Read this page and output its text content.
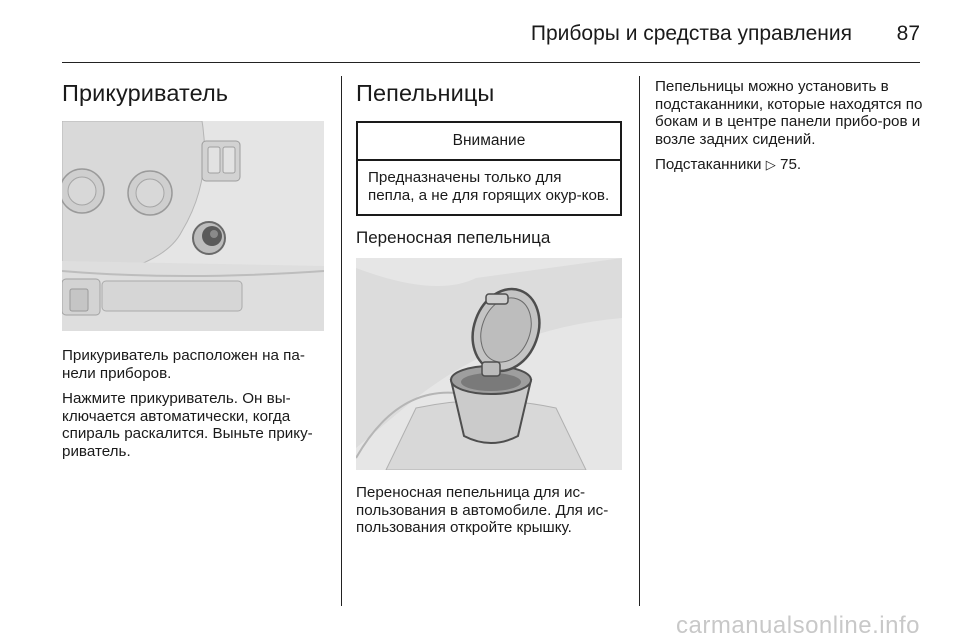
Приборы и средства управления 87
Прикуриватель

Прикуриватель расположен на па-нели приборов.

Нажмите прикуриватель. Он вы-ключается автоматически, когда спираль раскалится. Выньте прику-риватель.

Пепельницы
Внимание
Предназначены только для пепла, а не для горящих окур-ков.
Переносная пепельница

Переносная пепельница для ис-пользования в автомобиле. Для ис-пользования откройте крышку.

Пепельницы можно установить в подстаканники, которые находятся по бокам и в центре панели прибо-ров и возле задних сидений.

Подстаканники ▷ 75.

carmanualsonline.info
